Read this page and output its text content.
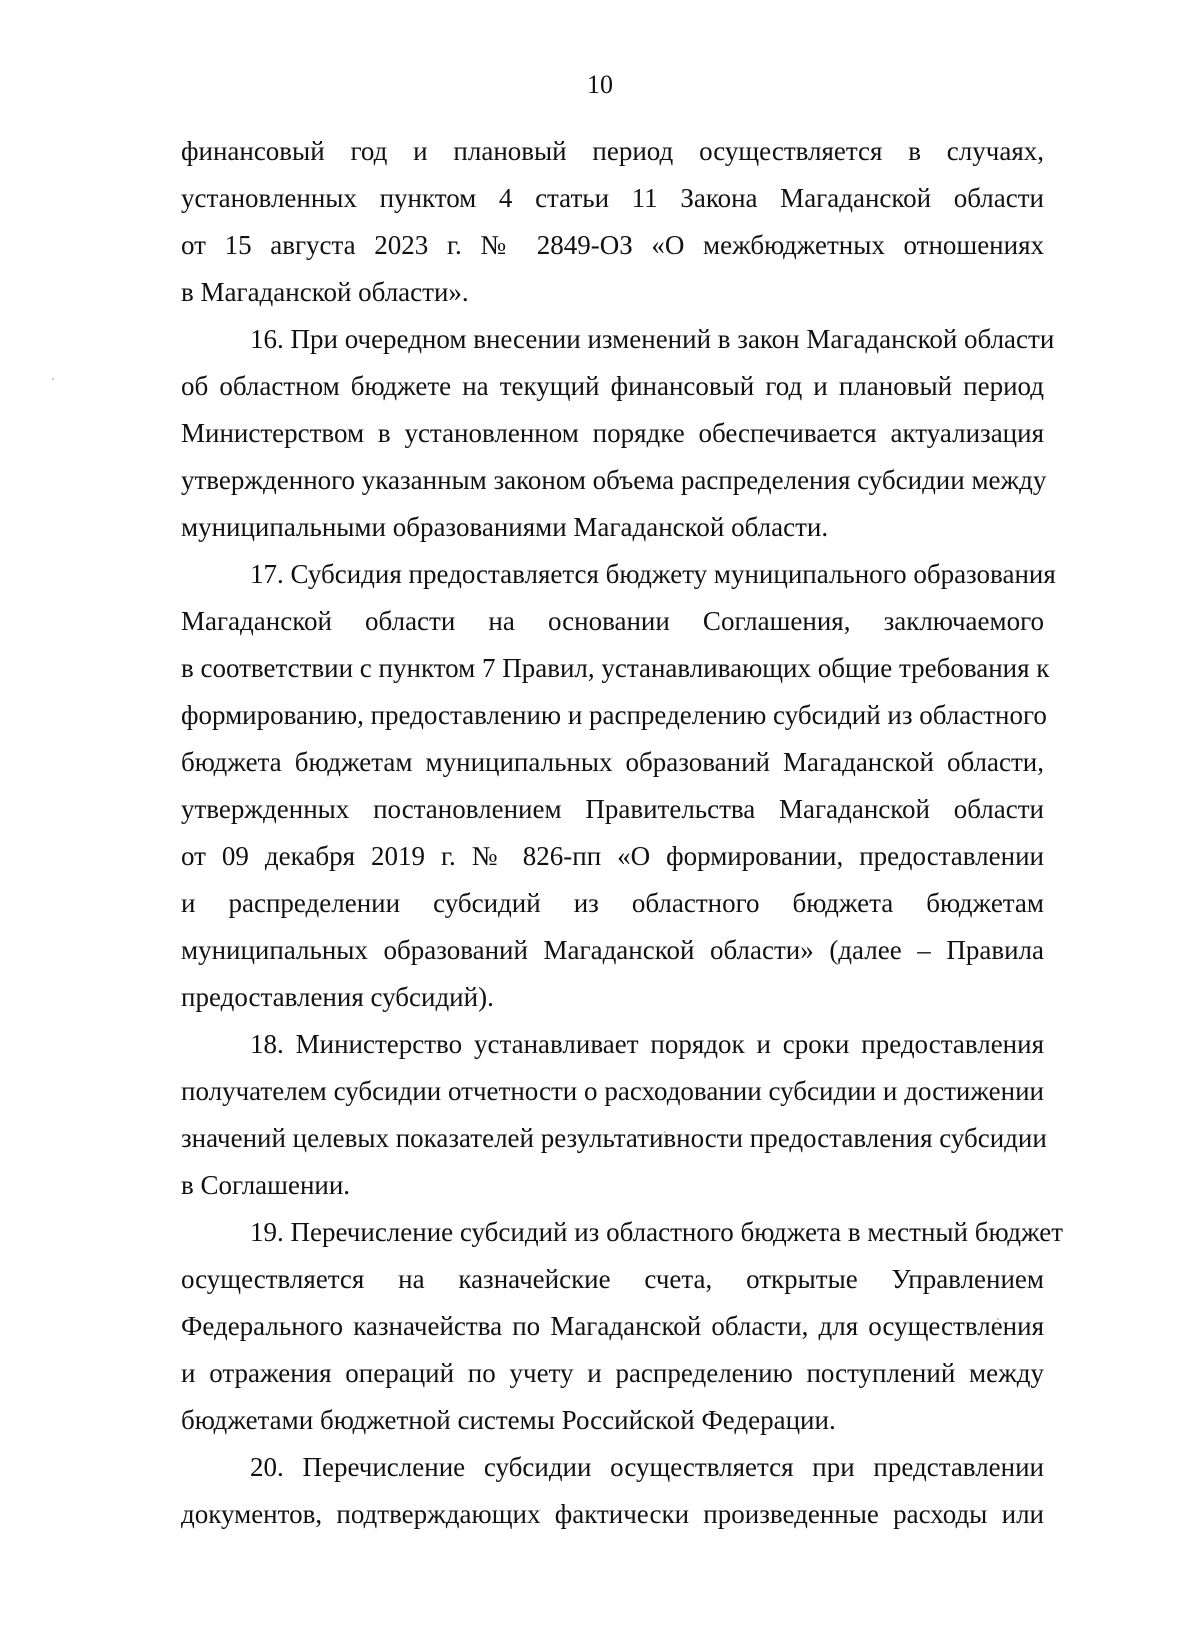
10

финансовый год и плановый период осуществляется в случаях,
установленных пунктом 4 статьи 11 Закона Магаданской области
от 15 августа 2023 г. № 2849-ОЗ «О межбюджетных отношениях
в Магаданской области».

16. При очередном внесении изменений в закон Магаданской области
об областном бюджете на текущий финансовый год и плановый период
Министерством в установленном порядке обеспечивается актуализация
утвержденного указанным законом объема распределения субсидии между
муниципальными образованиями Магаданской области.

17. Субсидия предоставляется бюджету муниципального образования
Магаданской области на основании Соглашения, заключаемого
в соответствии с пунктом 7 Правил, устанавливающих общие требования к
формированию, предоставлению и распределению субсидий из областного
бюджета бюджетам муниципальных образований Магаданской области,
утвержденных постановлением Правительства Магаданской области
от 09 декабря 2019 г. № 826-пп «О формировании, предоставлении
и распределении субсидий из областного бюджета бюджетам
муниципальных образований Магаданской области» (далее – Правила
предоставления субсидий).

18. Министерство устанавливает порядок и сроки предоставления
получателем субсидии отчетности о расходовании субсидии и достижении
значений целевых показателей результативности предоставления субсидии
в Соглашении.

19. Перечисление субсидий из областного бюджета в местный бюджет
осуществляется на казначейские счета, открытые Управлением
Федерального казначейства по Магаданской области, для осуществления
и отражения операций по учету и распределению поступлений между
бюджетами бюджетной системы Российской Федерации.

20. Перечисление субсидии осуществляется при представлении
документов, подтверждающих фактически произведенные расходы или
